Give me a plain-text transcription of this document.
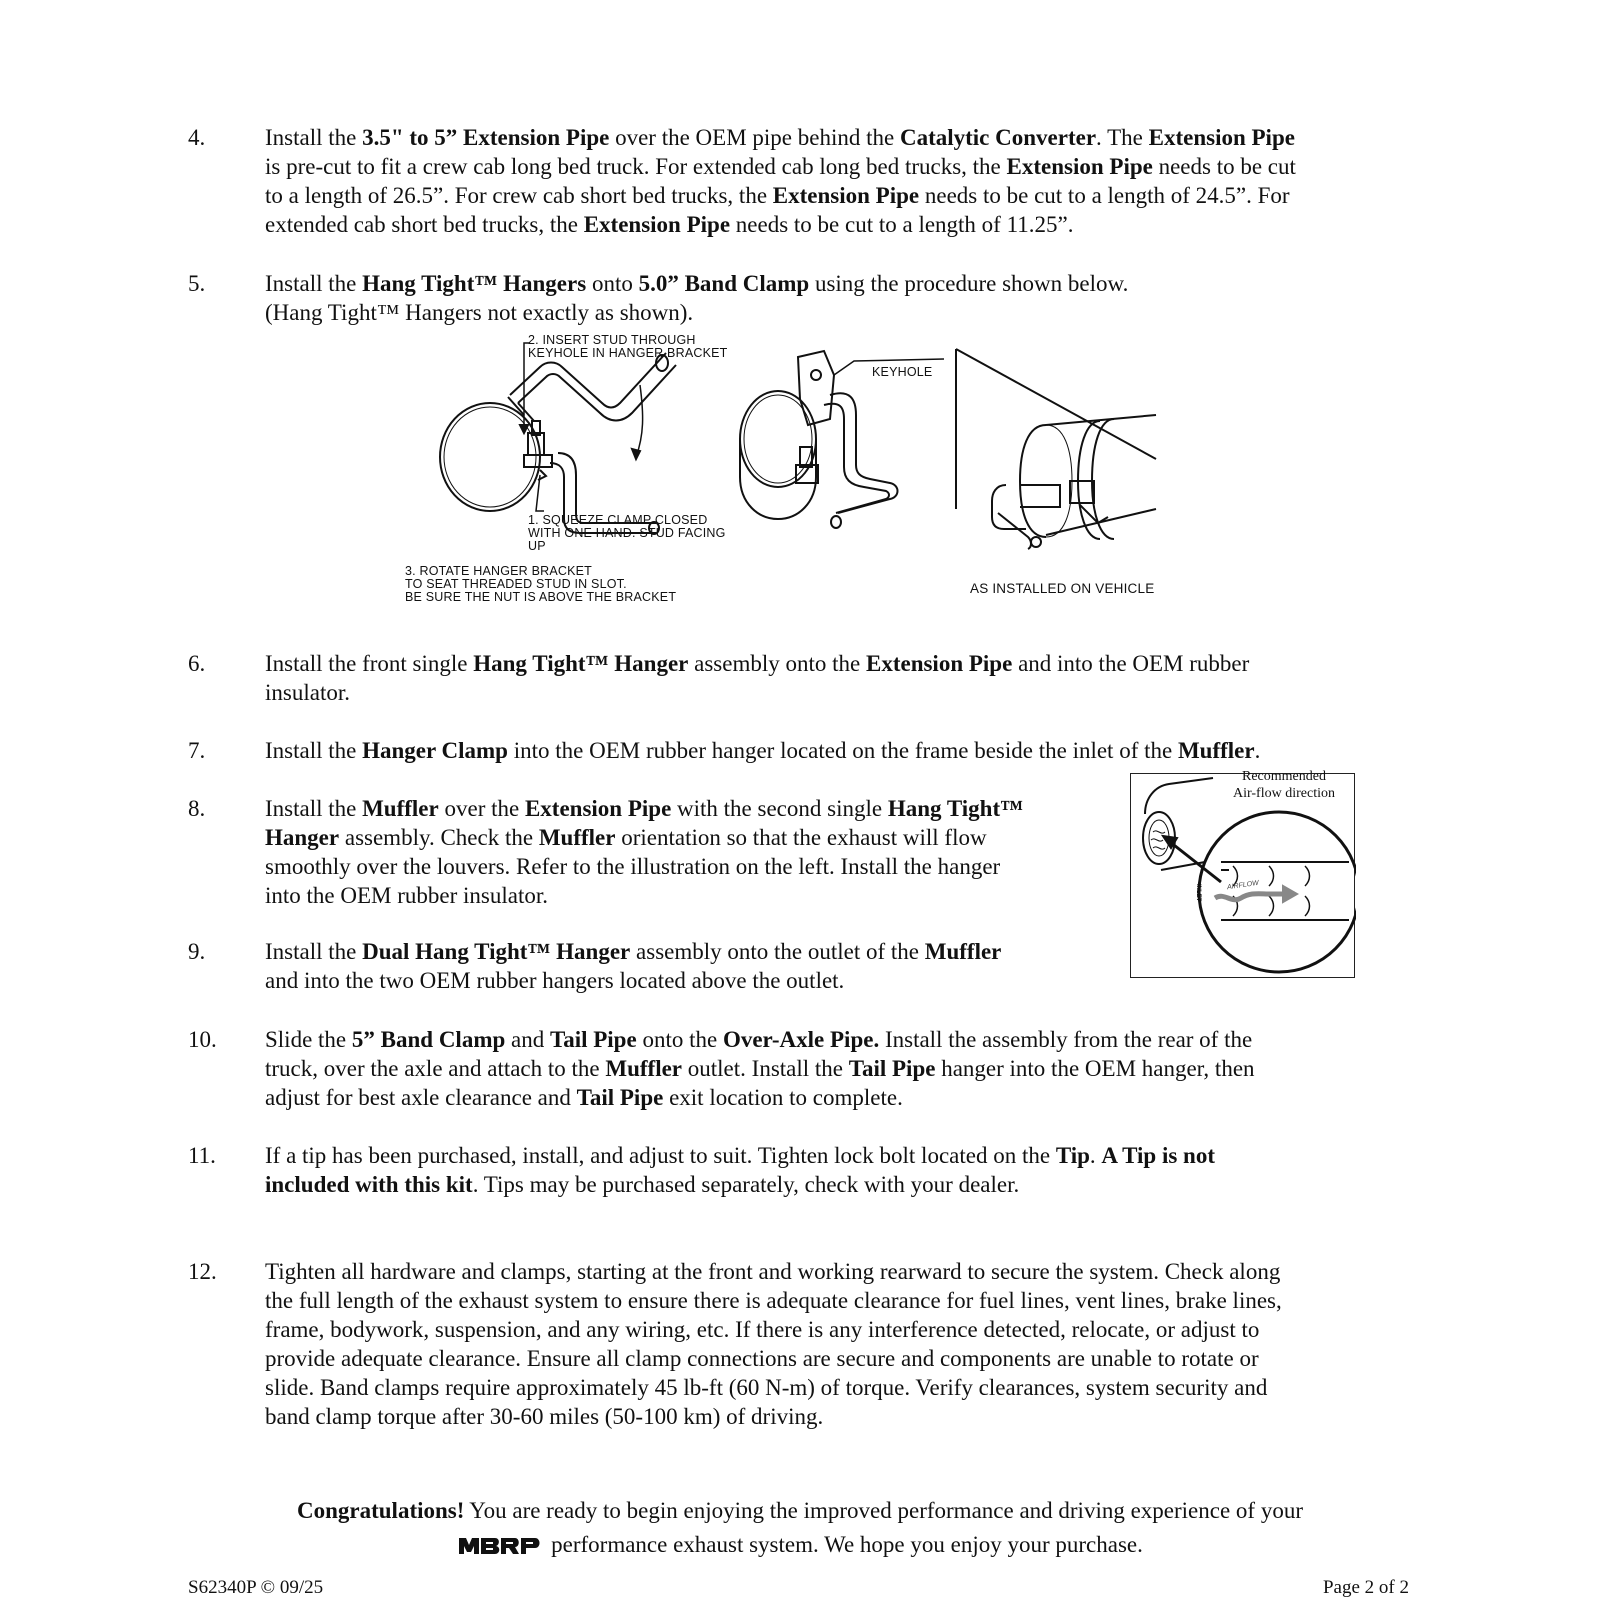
4.	Install the 3.5" to 5” Extension Pipe over the OEM pipe behind the Catalytic Converter. The Extension Pipe
is pre-cut to fit a crew cab long bed truck. For extended cab long bed trucks, the Extension Pipe needs to be cut
to a length of 26.5”. For crew cab short bed trucks, the Extension Pipe needs to be cut to a length of 24.5”. For
extended cab short bed trucks, the Extension Pipe needs to be cut to a length of 11.25”.
5.	Install the Hang Tight™ Hangers onto 5.0” Band Clamp using the procedure shown below.
(Hang Tight™ Hangers not exactly as shown).
6.	Install the front single Hang Tight™ Hanger assembly onto the Extension Pipe and into the OEM rubber
insulator.
7.	Install the Hanger Clamp into the OEM rubber hanger located on the frame beside the inlet of the Muffler.
8.	Install the Muffler over the Extension Pipe with the second single Hang Tight™
Hanger assembly. Check the Muffler orientation so that the exhaust will flow
smoothly over the louvers. Refer to the illustration on the left. Install the hanger
into the OEM rubber insulator.
9.	Install the Dual Hang Tight™ Hanger assembly onto the outlet of the Muffler
and into the two OEM rubber hangers located above the outlet.
10.	Slide the 5” Band Clamp and Tail Pipe onto the Over-Axle Pipe. Install the assembly from the rear of the
truck, over the axle and attach to the Muffler outlet. Install the Tail Pipe hanger into the OEM hanger, then
adjust for best axle clearance and Tail Pipe exit location to complete.
11.	If a tip has been purchased, install, and adjust to suit. Tighten lock bolt located on the Tip. A Tip is not
included with this kit. Tips may be purchased separately, check with your dealer.
12.	Tighten all hardware and clamps, starting at the front and working rearward to secure the system. Check along
the full length of the exhaust system to ensure there is adequate clearance for fuel lines, vent lines, brake lines,
frame, bodywork, suspension, and any wiring, etc. If there is any interference detected, relocate, or adjust to
provide adequate clearance. Ensure all clamp connections are secure and components are unable to rotate or
slide. Band clamps require approximately 45 lb-ft (60 N-m) of torque. Verify clearances, system security and
band clamp torque after 30-60 miles (50-100 km) of driving.
2. INSERT STUD THROUGH
KEYHOLE IN HANGER BRACKET
KEYHOLE
1. SQUEEZE CLAMP CLOSED
WITH ONE HAND. STUD FACING
UP
3. ROTATE HANGER BRACKET
TO SEAT THREADED STUD IN SLOT.
BE SURE THE NUT IS ABOVE THE BRACKET
AS INSTALLED ON VEHICLE
Recommended
Air-flow direction
INLET	AIRFLOW
Congratulations! You are ready to begin enjoying the improved performance and driving experience of your
performance exhaust system. We hope you enjoy your purchase.
S62340P © 09/25	Page 2 of 2
